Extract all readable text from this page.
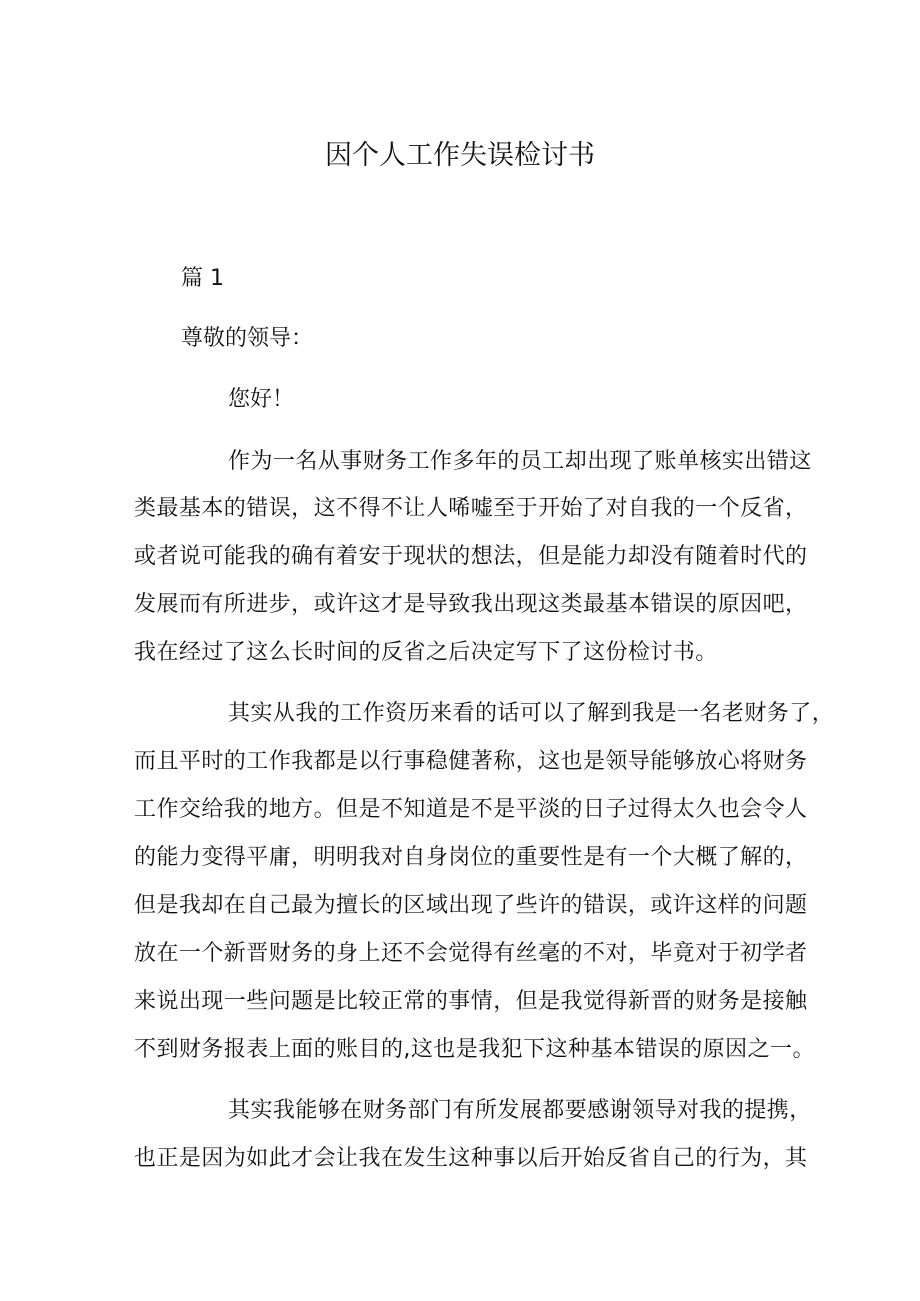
因个人工作失误检讨书
篇 1
尊敬的领导：
您好！
作为一名从事财务工作多年的员工却出现了账单核实出错这
类最基本的错误，这不得不让人唏嘘至于开始了对自我的一个反省，
或者说可能我的确有着安于现状的想法，但是能力却没有随着时代的
发展而有所进步，或许这才是导致我出现这类最基本错误的原因吧，
我在经过了这么长时间的反省之后决定写下了这份检讨书。
其实从我的工作资历来看的话可以了解到我是一名老财务了，
而且平时的工作我都是以行事稳健著称，这也是领导能够放心将财务
工作交给我的地方。但是不知道是不是平淡的日子过得太久也会令人
的能力变得平庸，明明我对自身岗位的重要性是有一个大概了解的，
但是我却在自己最为擅长的区域出现了些许的错误，或许这样的问题
放在一个新晋财务的身上还不会觉得有丝毫的不对，毕竟对于初学者
来说出现一些问题是比较正常的事情，但是我觉得新晋的财务是接触
不到财务报表上面的账目的,这也是我犯下这种基本错误的原因之一。
其实我能够在财务部门有所发展都要感谢领导对我的提携，
也正是因为如此才会让我在发生这种事以后开始反省自己的行为，其
